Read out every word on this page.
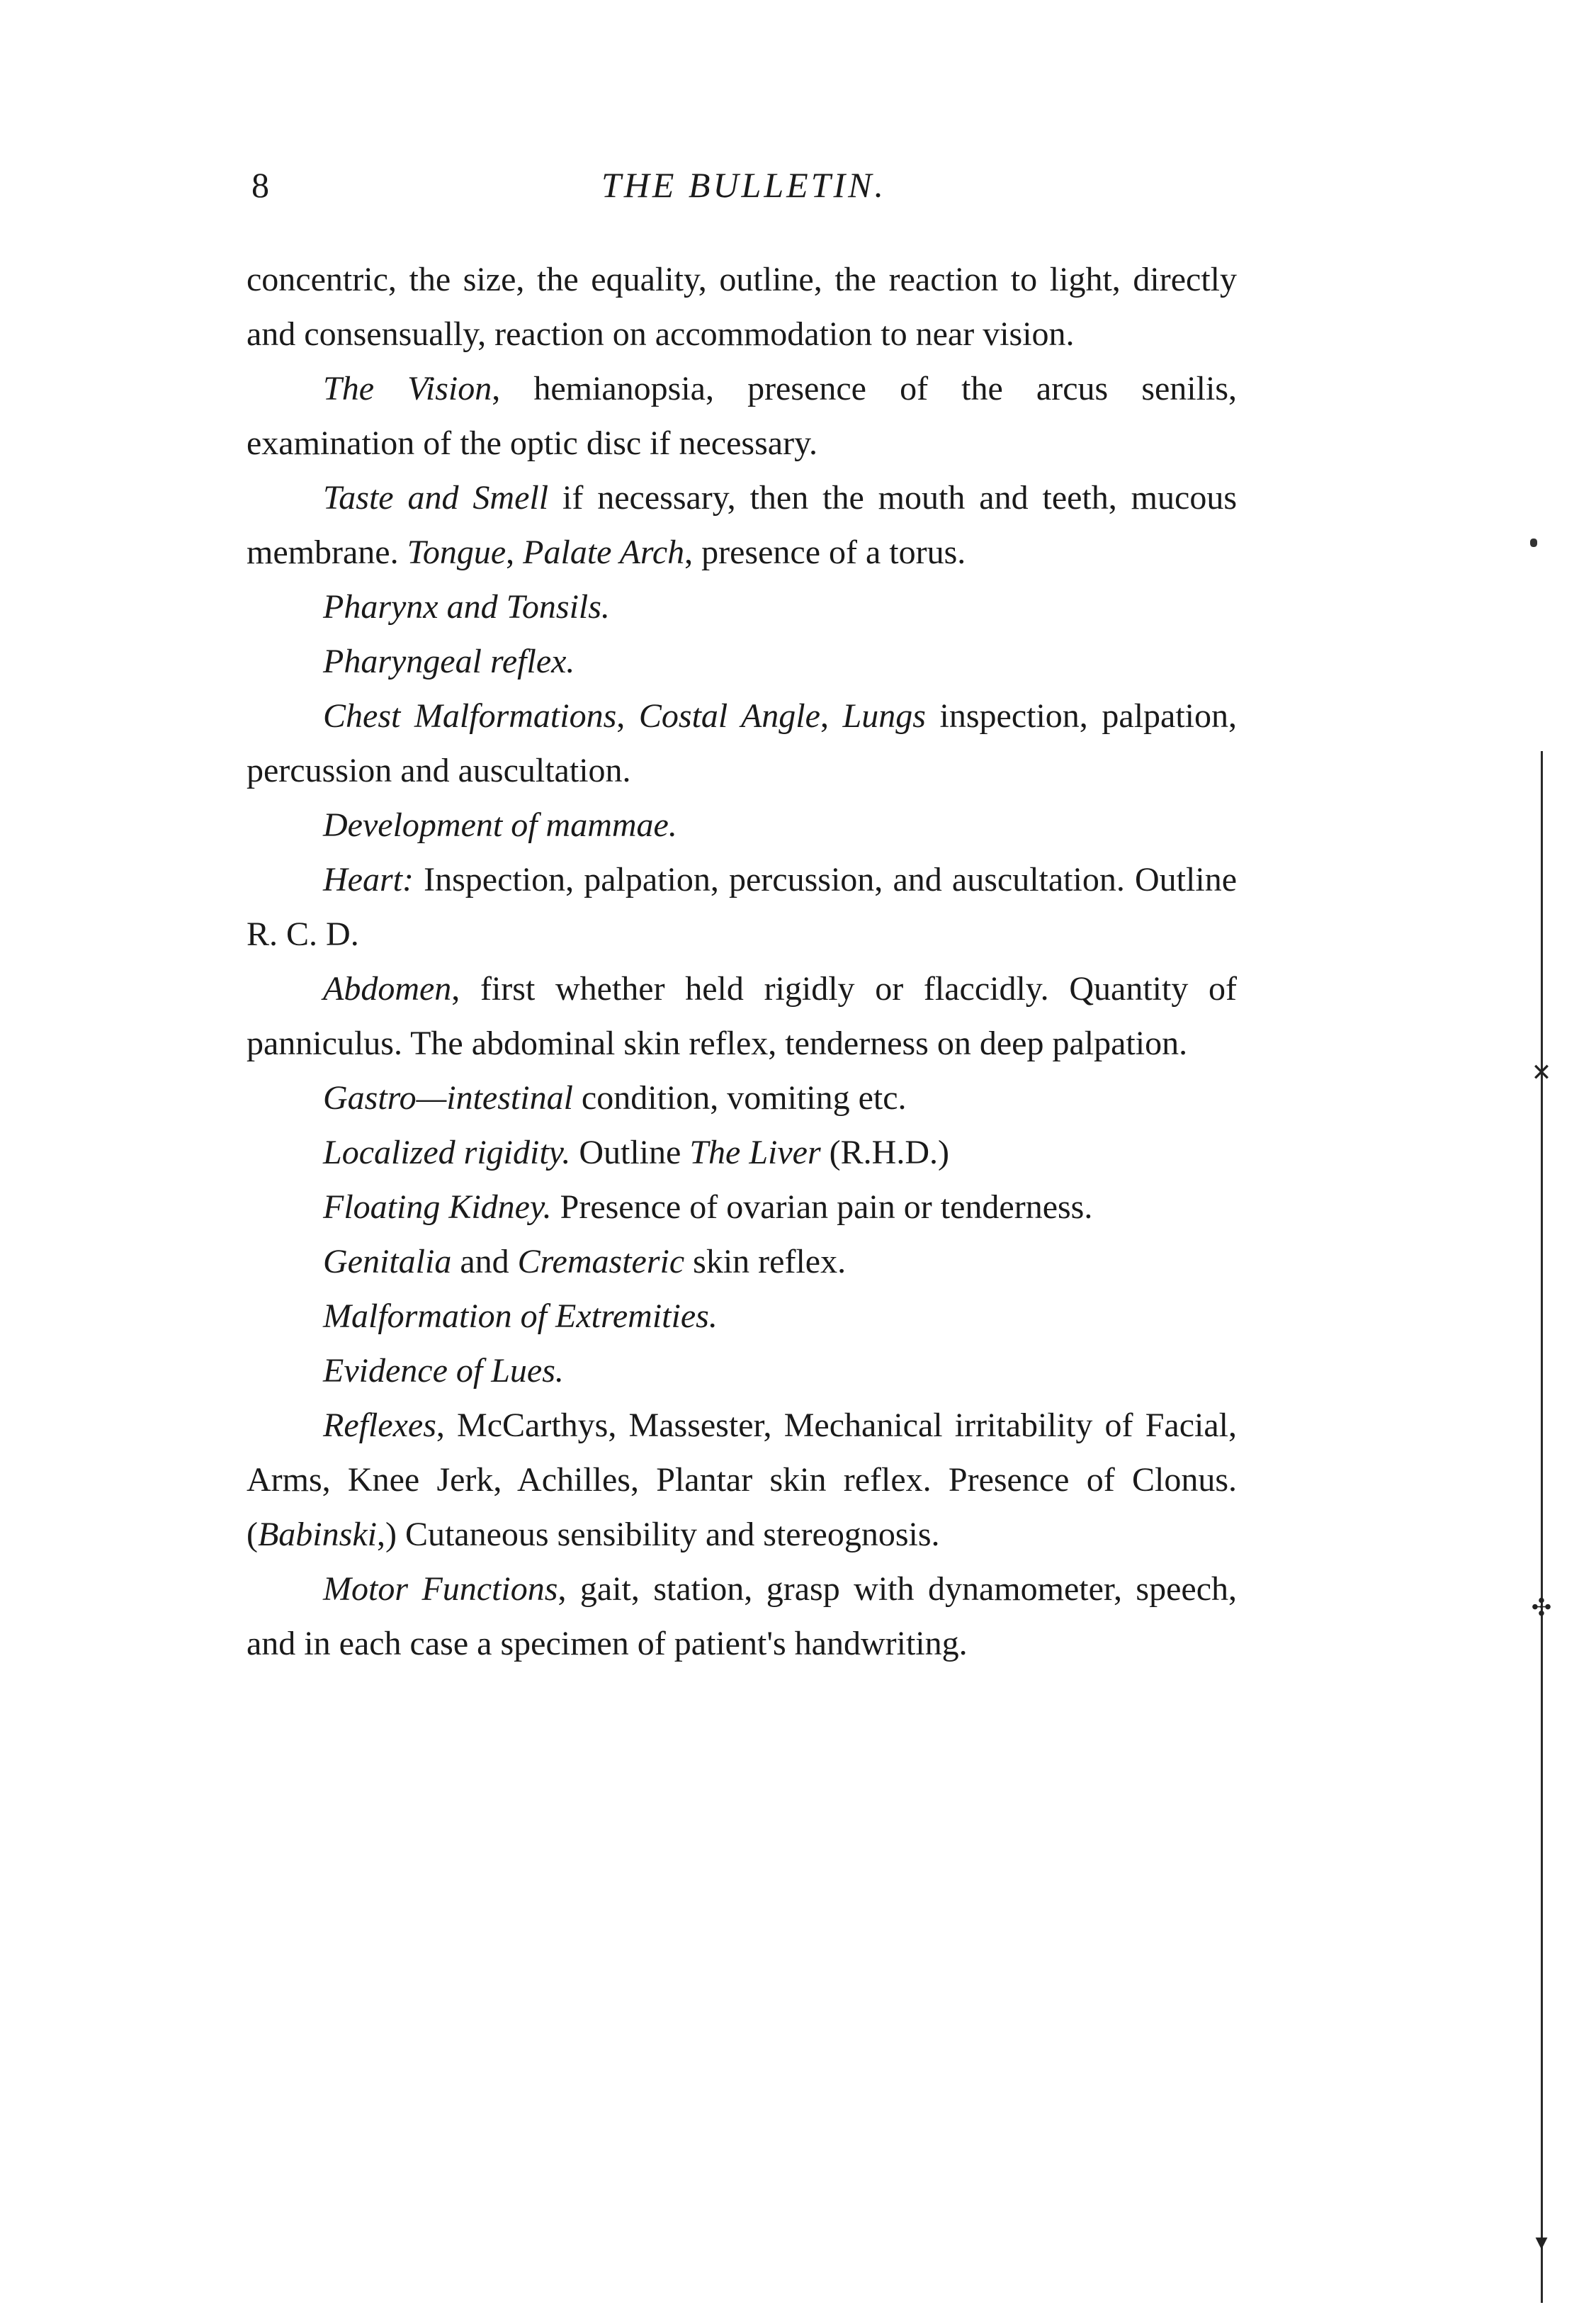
8	THE BULLETIN.

concentric, the size, the equality, outline, the reaction to light, directly and consensually, reaction on accommodation to near vision.

The Vision, hemianopsia, presence of the arcus senilis, examination of the optic disc if necessary.

Taste and Smell if necessary, then the mouth and teeth, mucous membrane. Tongue, Palate Arch, presence of a torus.

Pharynx and Tonsils.

Pharyngeal reflex.

Chest Malformations, Costal Angle, Lungs inspection, palpation, percussion and auscultation.

Development of mammae.

Heart: Inspection, palpation, percussion, and auscultation. Outline R. C. D.

Abdomen, first whether held rigidly or flaccidly. Quantity of panniculus. The abdominal skin reflex, tenderness on deep palpation.

Gastro—intestinal condition, vomiting etc.

Localized rigidity. Outline The Liver (R.H.D.)

Floating Kidney. Presence of ovarian pain or tenderness.

Genitalia and Cremasteric skin reflex.

Malformation of Extremities.

Evidence of Lues.

Reflexes, McCarthys, Massester, Mechanical irritability of Facial, Arms, Knee Jerk, Achilles, Plantar skin reflex. Presence of Clonus. (Babinski,) Cutaneous sensibility and stereognosis.

Motor Functions, gait, station, grasp with dynamometer, speech, and in each case a specimen of patient's handwriting.

✕
✣
▾
